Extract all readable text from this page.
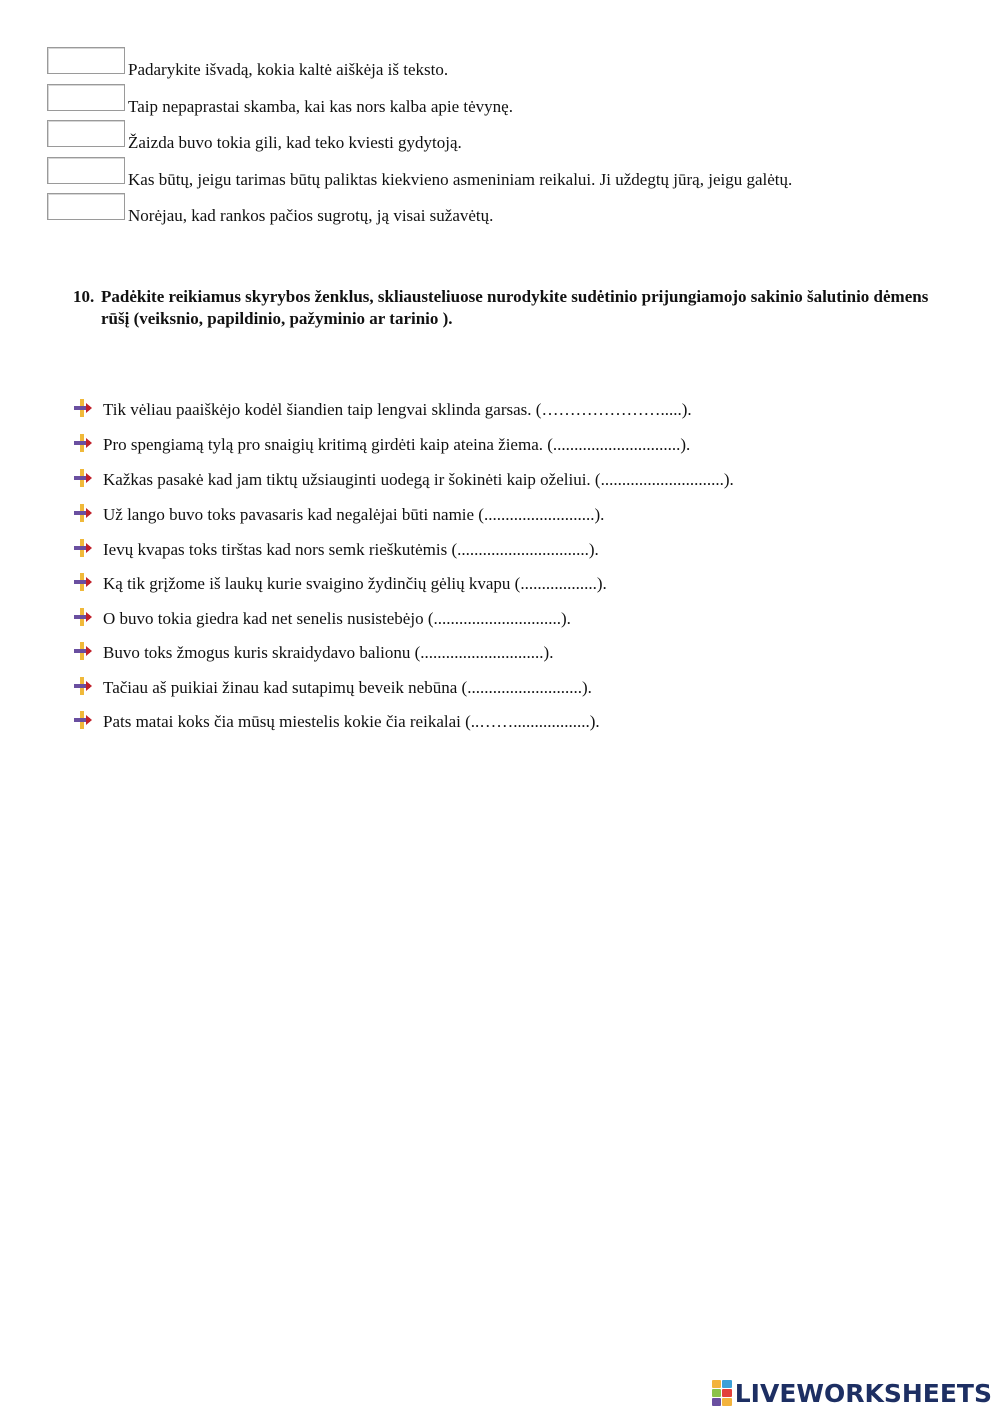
Padarykite išvadą, kokia kaltė aiškėja iš teksto.
Taip nepaprastai skamba, kai kas nors kalba apie tėvynę.
Žaizda buvo tokia gili, kad teko kviesti gydytoją.
Kas būtų, jeigu tarimas būtų paliktas kiekvieno asmeniniam reikalui. Ji uždegtų jūrą, jeigu galėtų.
Norėjau, kad rankos pačios sugrotų, ją visai sužavėtų.
10. Padėkite reikiamus skyrybos ženklus, skliausteliuose nurodykite sudėtinio prijungiamojo sakinio šalutinio dėmens rūšį (veiksnio, papildinio, pažyminio ar tarinio ).
Tik vėliau paaiškėjo kodėl šiandien taip lengvai sklinda garsas. (………………….....).
Pro spengiamą tylą pro snaigių kritimą girdėti kaip ateina žiema. (..............................).
Kažkas pasakė kad jam tiktų užsiauginti uodegą ir šokinėti kaip oželiui. (.............................).
Už lango buvo toks pavasaris kad negalėjai būti namie (..........................).
Ievų kvapas toks tirštas kad nors semk rieškutėmis (...............................).
Ką tik grįžome iš laukų kurie svaigino žydinčių gėlių kvapu (..................).
O buvo tokia giedra kad net senelis nusistebėjo (..............................).
Buvo toks žmogus kuris skraidydavo balionu (.............................).
Tačiau aš puikiai žinau kad sutapimų beveik nebūna (...........................).
Pats matai koks čia mūsų miestelis kokie čia reikalai (..……..................).
LIVEWORKSHEETS
